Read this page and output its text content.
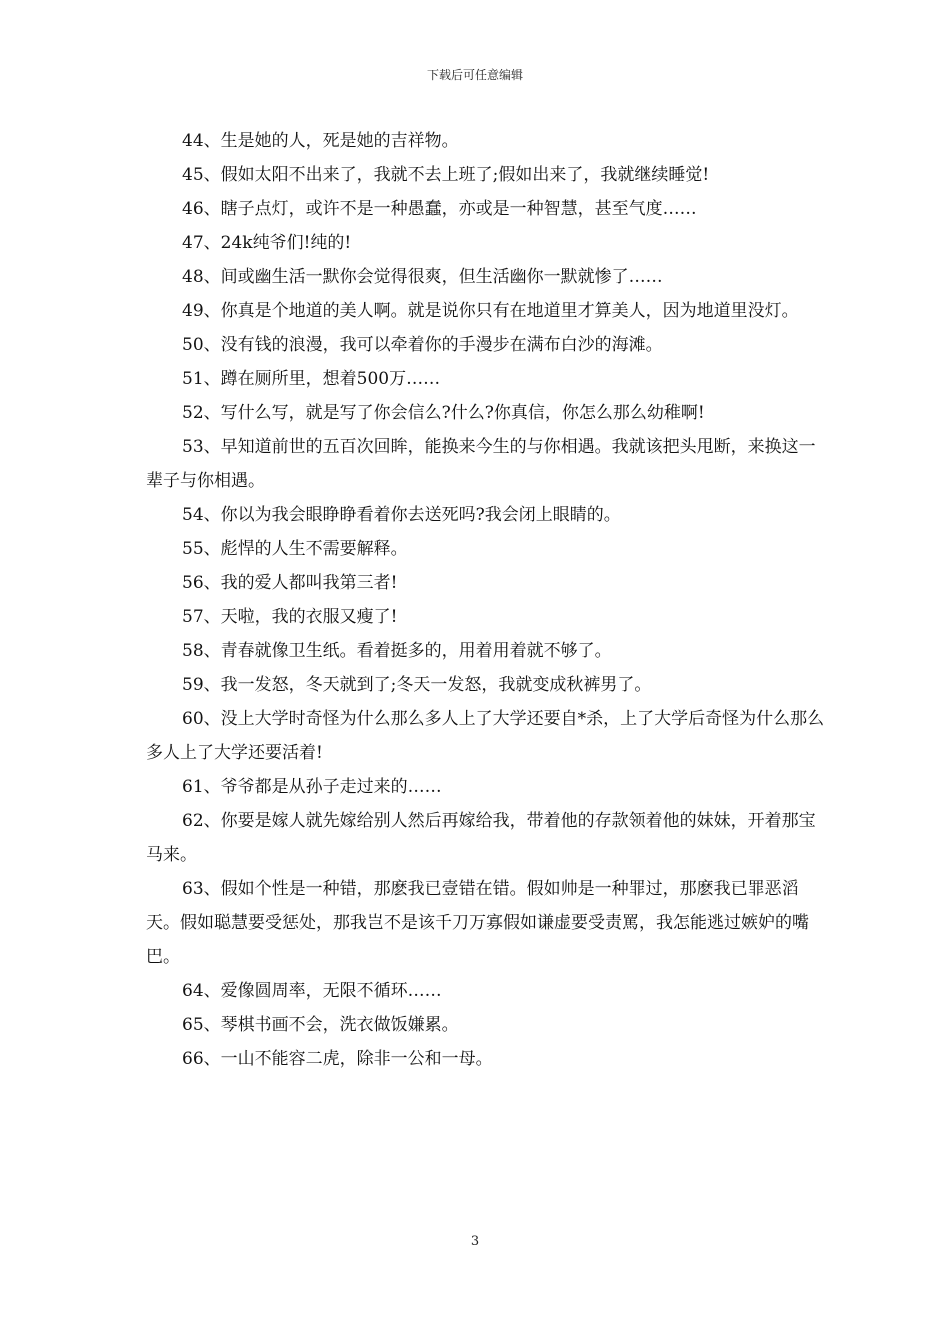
下载后可任意编辑

44、生是她的人，死是她的吉祥物。

45、假如太阳不出来了，我就不去上班了;假如出来了，我就继续睡觉!

46、瞎子点灯，或许不是一种愚蠢，亦或是一种智慧，甚至气度……

47、24k纯爷们!纯的!

48、间或幽生活一默你会觉得很爽，但生活幽你一默就惨了……

49、你真是个地道的美人啊。就是说你只有在地道里才算美人，因为地道里没灯。

50、没有钱的浪漫，我可以牵着你的手漫步在满布白沙的海滩。

51、蹲在厕所里，想着500万……

52、写什么写，就是写了你会信么?什么?你真信，你怎么那么幼稚啊!

53、早知道前世的五百次回眸，能换来今生的与你相遇。我就该把头甩断，来换这一辈子与你相遇。

54、你以为我会眼睁睁看着你去送死吗?我会闭上眼睛的。

55、彪悍的人生不需要解释。

56、我的爱人都叫我第三者!

57、天啦，我的衣服又瘦了!

58、青春就像卫生纸。看着挺多的，用着用着就不够了。

59、我一发怒，冬天就到了;冬天一发怒，我就变成秋裤男了。

60、没上大学时奇怪为什么那么多人上了大学还要自*杀，上了大学后奇怪为什么那么多人上了大学还要活着!

61、爷爷都是从孙子走过来的……

62、你要是嫁人就先嫁给别人然后再嫁给我，带着他的存款领着他的妹妹，开着那宝马来。

63、假如个性是一种错，那麽我已壹错在错。假如帅是一种罪过，那麽我已罪恶滔天。假如聪慧要受惩处，那我岂不是该千刀万寡假如谦虚要受责罵，我怎能逃过嫉妒的嘴巴。

64、爱像圆周率，无限不循环……

65、琴棋书画不会，洗衣做饭嫌累。

66、一山不能容二虎，除非一公和一母。

3
